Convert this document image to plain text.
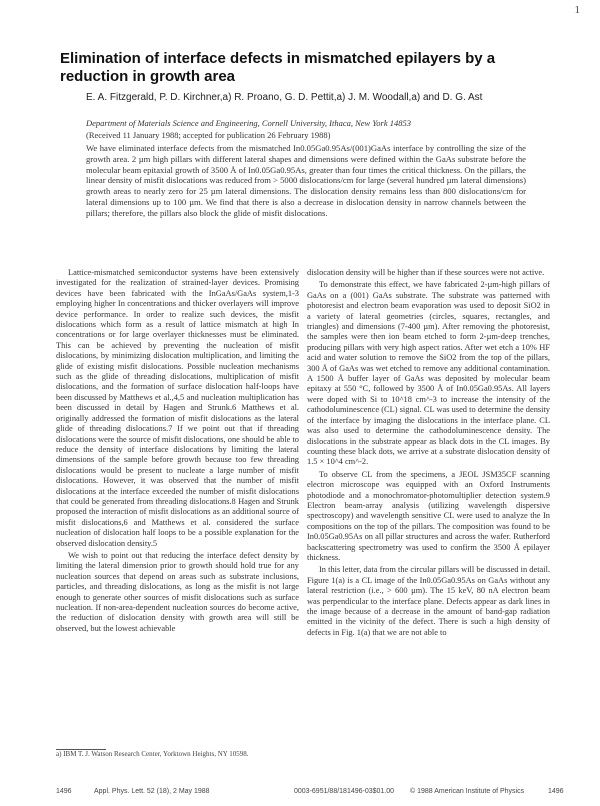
1
Elimination of interface defects in mismatched epilayers by a reduction in growth area
E. A. Fitzgerald, P. D. Kirchner,a) R. Proano, G. D. Pettit,a) J. M. Woodall,a) and D. G. Ast
Department of Materials Science and Engineering, Cornell University, Ithaca, New York 14853
(Received 11 January 1988; accepted for publication 26 February 1988)
We have eliminated interface defects from the mismatched In0.05Ga0.95As/(001)GaAs interface by controlling the size of the growth area. 2 µm high pillars with different lateral shapes and dimensions were defined within the GaAs substrate before the molecular beam epitaxial growth of 3500 Å of In0.05Ga0.95As, greater than four times the critical thickness. On the pillars, the linear density of misfit dislocations was reduced from > 5000 dislocations/cm for large (several hundred µm lateral dimensions) growth areas to nearly zero for 25 µm lateral dimensions. The dislocation density remains less than 800 dislocations/cm for lateral dimensions up to 100 µm. We find that there is also a decrease in dislocation density in narrow channels between the pillars; therefore, the pillars also block the glide of misfit dislocations.

Lattice-mismatched semiconductor systems have been extensively investigated for the realization of strained-layer devices. Promising devices have been fabricated with the InGaAs/GaAs system,1-3 employing higher In concentrations and thicker overlayers will improve device performance. In order to realize such devices, the misfit dislocations which form as a result of lattice mismatch at high In concentrations or for large overlayer thicknesses must be eliminated. This can be achieved by preventing the nucleation of misfit dislocations, by minimizing dislocation multiplication, and limiting the glide of existing misfit dislocations. Possible nucleation mechanisms such as the glide of threading dislocations, multiplication of misfit dislocations, and the formation of surface dislocation half-loops have been discussed by Matthews et al.,4,5 and nucleation multiplication has been discussed in detail by Hagen and Strunk.6 Matthews et al. originally addressed the formation of misfit dislocations as the lateral glide of threading dislocations.7 If we point out that if threading dislocations were the source of misfit dislocations, one should be able to reduce the density of interface dislocations by limiting the lateral dimensions of the sample before growth because too few threading dislocations would be present to nucleate a large number of misfit dislocations. However, it was observed that the number of misfit dislocations at the interface exceeded the number of misfit dislocations that could be generated from threading dislocations.8 Hagen and Strunk proposed the interaction of misfit dislocations as an additional source of misfit dislocations,6 and Matthews et al. considered the surface nucleation of dislocation half loops to be a possible explanation for the observed dislocation density.5

We wish to point out that reducing the interface defect density by limiting the lateral dimension prior to growth should hold true for any nucleation sources that depend on areas such as substrate inclusions, particles, and threading dislocations, as long as the misfit is not large enough to generate other sources of misfit dislocations such as surface nucleation. If non-area-dependent nucleation sources do become active, the reduction of dislocation density with growth area will still be observed, but the lowest achievable

dislocation density will be higher than if these sources were not active.

To demonstrate this effect, we have fabricated 2-µm-high pillars of GaAs on a (001) GaAs substrate. The substrate was patterned with photoresist and electron beam evaporation was used to deposit SiO2 in a variety of lateral geometries (circles, squares, rectangles, and triangles) and dimensions (7-400 µm). After removing the photoresist, the samples were then ion beam etched to form 2-µm-deep trenches, producing pillars with very high aspect ratios. After wet etch a 10% HF acid and water solution to remove the SiO2 from the top of the pillars, 300 Å of GaAs was wet etched to remove any additional contamination. A 1500 Å buffer layer of GaAs was deposited by molecular beam epitaxy at 550 °C, followed by 3500 Å of In0.05Ga0.95As. All layers were doped with Si to 10^18 cm^-3 to increase the intensity of the cathodoluminescence (CL) signal. CL was used to determine the density of the interface by imaging the dislocations in the interface plane. CL was also used to determine the cathodoluminescence density. The dislocations in the substrate appear as black dots in the CL images. By counting these black dots, we arrive at a substrate dislocation density of 1.5 × 10^4 cm^-2.

To observe CL from the specimens, a JEOL JSM35CF scanning electron microscope was equipped with an Oxford Instruments photodiode and a monochromator-photomultiplier detection system.9 Electron beam-array analysis (utilizing wavelength dispersive spectroscopy) and wavelength sensitive CL were used to analyze the In compositions on the top of the pillars. The composition was found to be In0.05Ga0.95As on all pillar structures and across the wafer. Rutherford backscattering spectrometry was used to confirm the 3500 Å epilayer thickness.

In this letter, data from the circular pillars will be discussed in detail. Figure 1(a) is a CL image of the In0.05Ga0.95As on GaAs without any lateral restriction (i.e., > 600 µm). The 15 keV, 80 nA electron beam was perpendicular to the interface plane. Defects appear as dark lines in the image because of a decrease in the amount of band-gap radiation emitted in the vicinity of the defect. There is such a high density of defects in Fig. 1(a) that we are not able to

a) IBM T. J. Watson Research Center, Yorktown Heights, NY 10598.
1496	Appl. Phys. Lett. 52 (18), 2 May 1988	0003-6951/88/181496-03$01.00 © 1988 American Institute of Physics	1496
